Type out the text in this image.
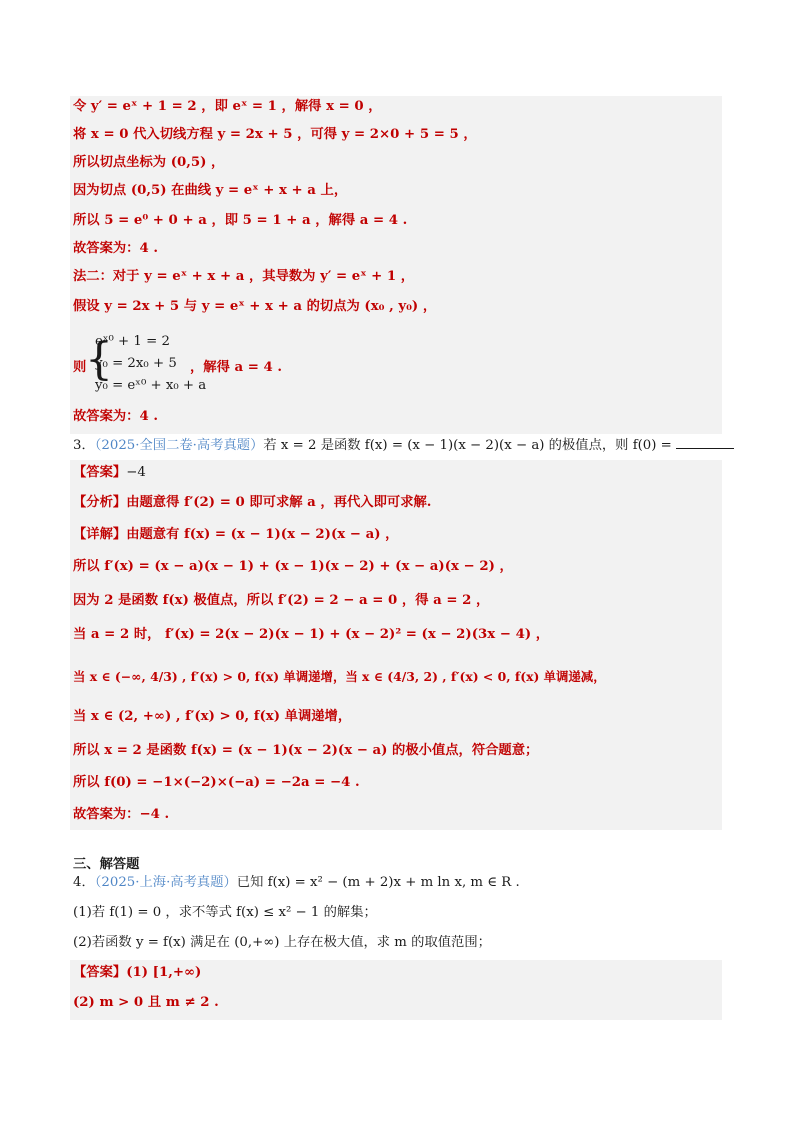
令 y′ = eˣ + 1 = 2 ，即 eˣ = 1 ，解得 x = 0 ，
将 x = 0 代入切线方程 y = 2x + 5 ，可得 y = 2×0 + 5 = 5 ，
所以切点坐标为 (0,5) ，
因为切点 (0,5) 在曲线 y = eˣ + x + a 上，
所以 5 = e⁰ + 0 + a ，即 5 = 1 + a ，解得 a = 4 .
故答案为：4 .
法二：对于 y = eˣ + x + a ，其导数为 y′ = eˣ + 1 ，
假设 y = 2x + 5 与 y = eˣ + x + a 的切点为 (x₀ , y₀) ，
则
{
eˣ⁰ + 1 = 2
y₀ = 2x₀ + 5
y₀ = eˣ⁰ + x₀ + a
，解得 a = 4 .
故答案为：4 .
3．（2025·全国二卷·高考真题）若 x = 2 是函数 f(x) = (x − 1)(x − 2)(x − a) 的极值点，则 f(0) =
【答案】−4
【分析】由题意得 f′(2) = 0 即可求解 a ，再代入即可求解.
【详解】由题意有 f(x) = (x − 1)(x − 2)(x − a) ，
所以 f′(x) = (x − a)(x − 1) + (x − 1)(x − 2) + (x − a)(x − 2) ，
因为 2 是函数 f(x) 极值点，所以 f′(2) = 2 − a = 0 ，得 a = 2 ，
当 a = 2 时， f′(x) = 2(x − 2)(x − 1) + (x − 2)² = (x − 2)(3x − 4) ，
当 x ∈ (−∞, 4/3) , f′(x) > 0, f(x) 单调递增，当 x ∈ (4/3, 2) , f′(x) < 0, f(x) 单调递减，
当 x ∈ (2, +∞) , f′(x) > 0, f(x) 单调递增，
所以 x = 2 是函数 f(x) = (x − 1)(x − 2)(x − a) 的极小值点，符合题意；
所以 f(0) = −1×(−2)×(−a) = −2a = −4 .
故答案为：−4 .
三、解答题
4．（2025·上海·高考真题）已知 f(x) = x² − (m + 2)x + m ln x, m ∈ R .
(1)若 f(1) = 0 ，求不等式 f(x) ≤ x² − 1 的解集；
(2)若函数 y = f(x) 满足在 (0,+∞) 上存在极大值，求 m 的取值范围；
【答案】(1) [1,+∞)
(2) m > 0 且 m ≠ 2 .
